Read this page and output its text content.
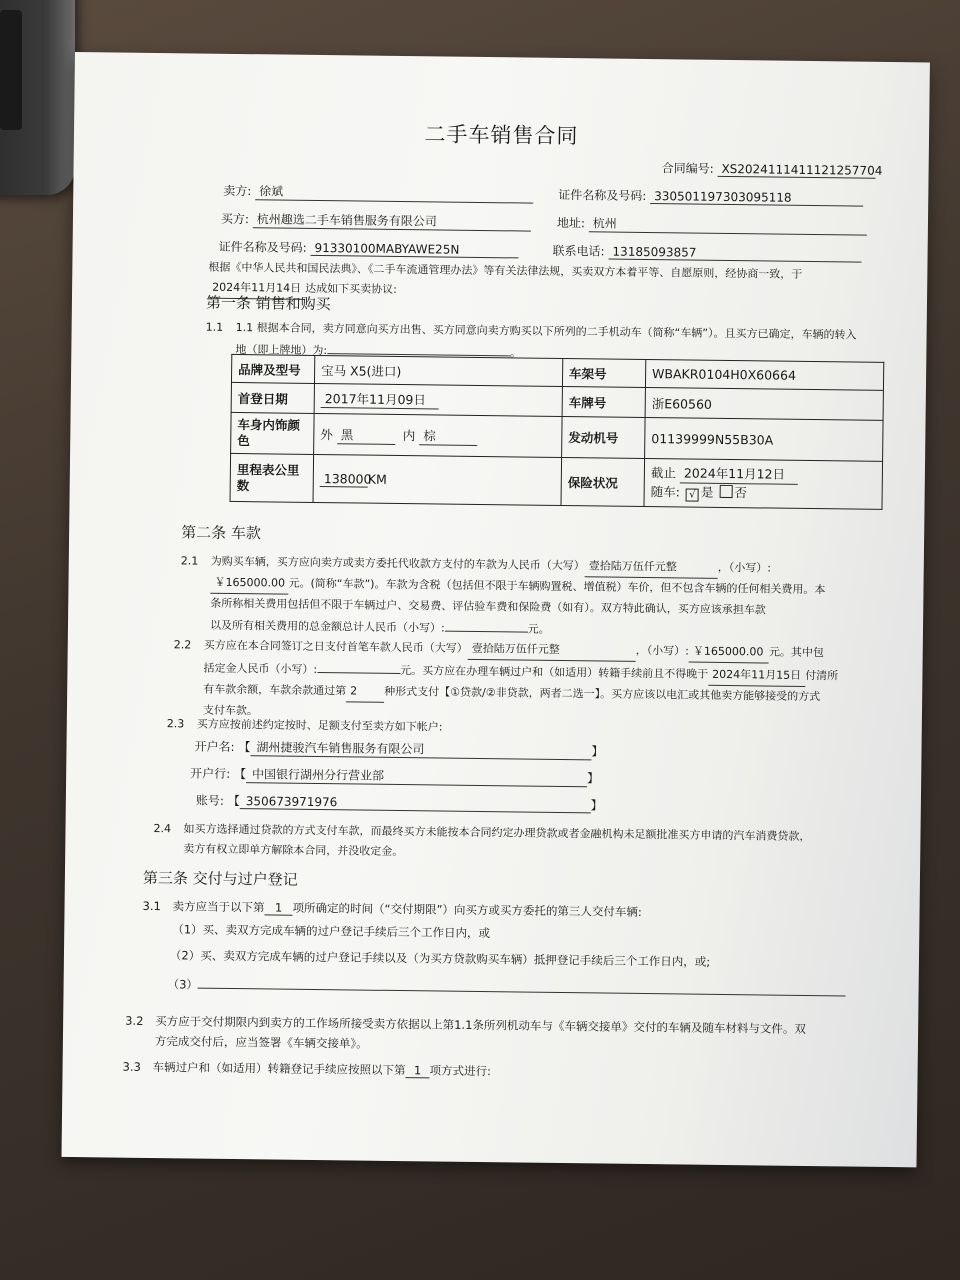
二手车销售合同
合同编号: XS2024111411121257704
卖方: 徐斌	证件名称及号码: 330501197303095118
买方: 杭州趣选二手车销售服务有限公司	地址: 杭州
证件名称及号码: 91330100MABYAWE25N	联系电话: 13185093857
根据《中华人民共和国民法典》、《二手车流通管理办法》等有关法律法规，买卖双方本着平等、自愿原则，经协商一致，于2024年11月14日 达成如下买卖协议:
第一条 销售和购买
1.1 1.1 根据本合同，卖方同意向买方出售、买方同意向卖方购买以下所列的二手机动车（简称“车辆”）。且买方已确定，车辆的转入
地（即上牌地）为:	。
品牌及型号	宝马 X5(进口)	车架号	WBAKR0104H0X60664
首登日期	2017年11月09日	车牌号	浙E60560
车身内饰颜色	外 黑 内 棕	发动机号	01139999N55B30A
里程表公里数	138000KM	保险状况	截止 2024年11月12日
随车: √ 是 否
第二条 车款
2.1 为购买车辆，买方应向卖方或卖方委托代收款方支付的车款为人民币（大写） 壹拾陆万伍仟元整	，（小写）:
￥165000.00 元。(简称“车款”)。车款为含税（包括但不限于车辆购置税、增值税）车价，但不包含车辆的任何相关费用。本
条所称相关费用包括但不限于车辆过户、交易费、评估验车费和保险费（如有）。双方特此确认，买方应该承担车款
以及所有相关费用的总金额总计人民币（小写）:	元。
2.2 买方应在本合同签订之日支付首笔车款人民币（大写） 壹拾陆万伍仟元整	，（小写）: ￥165000.00 元。其中包
括定金人民币（小写）:	元。买方应在办理车辆过户和（如适用）转籍手续前且不得晚于 2024年11月15日 付清所
有车款余额，车款余款通过第 2 种形式支付【①贷款/②非贷款，两者二选一】。买方应该以电汇或其他卖方能够接受的方式
支付车款。
2.3 买方应按前述约定按时、足额支付至卖方如下帐户:
开户名: 【 湖州捷骏汽车销售服务有限公司	】
开户行: 【 中国银行湖州分行营业部	】
账号: 【 350673971976	】
2.4 如买方选择通过贷款的方式支付车款，而最终买方未能按本合同约定办理贷款或者金融机构未足额批准买方申请的汽车消费贷款，
卖方有权立即单方解除本合同，并没收定金。
第三条 交付与过户登记
3.1 卖方应当于以下第 1 项所确定的时间（“交付期限”）向买方或买方委托的第三人交付车辆:
（1）买、卖双方完成车辆的过户登记手续后三个工作日内，或
（2）买、卖双方完成车辆的过户登记手续以及（为买方贷款购买车辆）抵押登记手续后三个工作日内，或;
（3）
3.2 买方应于交付期限内到卖方的工作场所接受卖方依据以上第1.1条所列机动车与《车辆交接单》交付的车辆及随车材料与文件。双
方完成交付后，应当签署《车辆交接单》。
3.3 车辆过户和（如适用）转籍登记手续应按照以下第 1 项方式进行:
